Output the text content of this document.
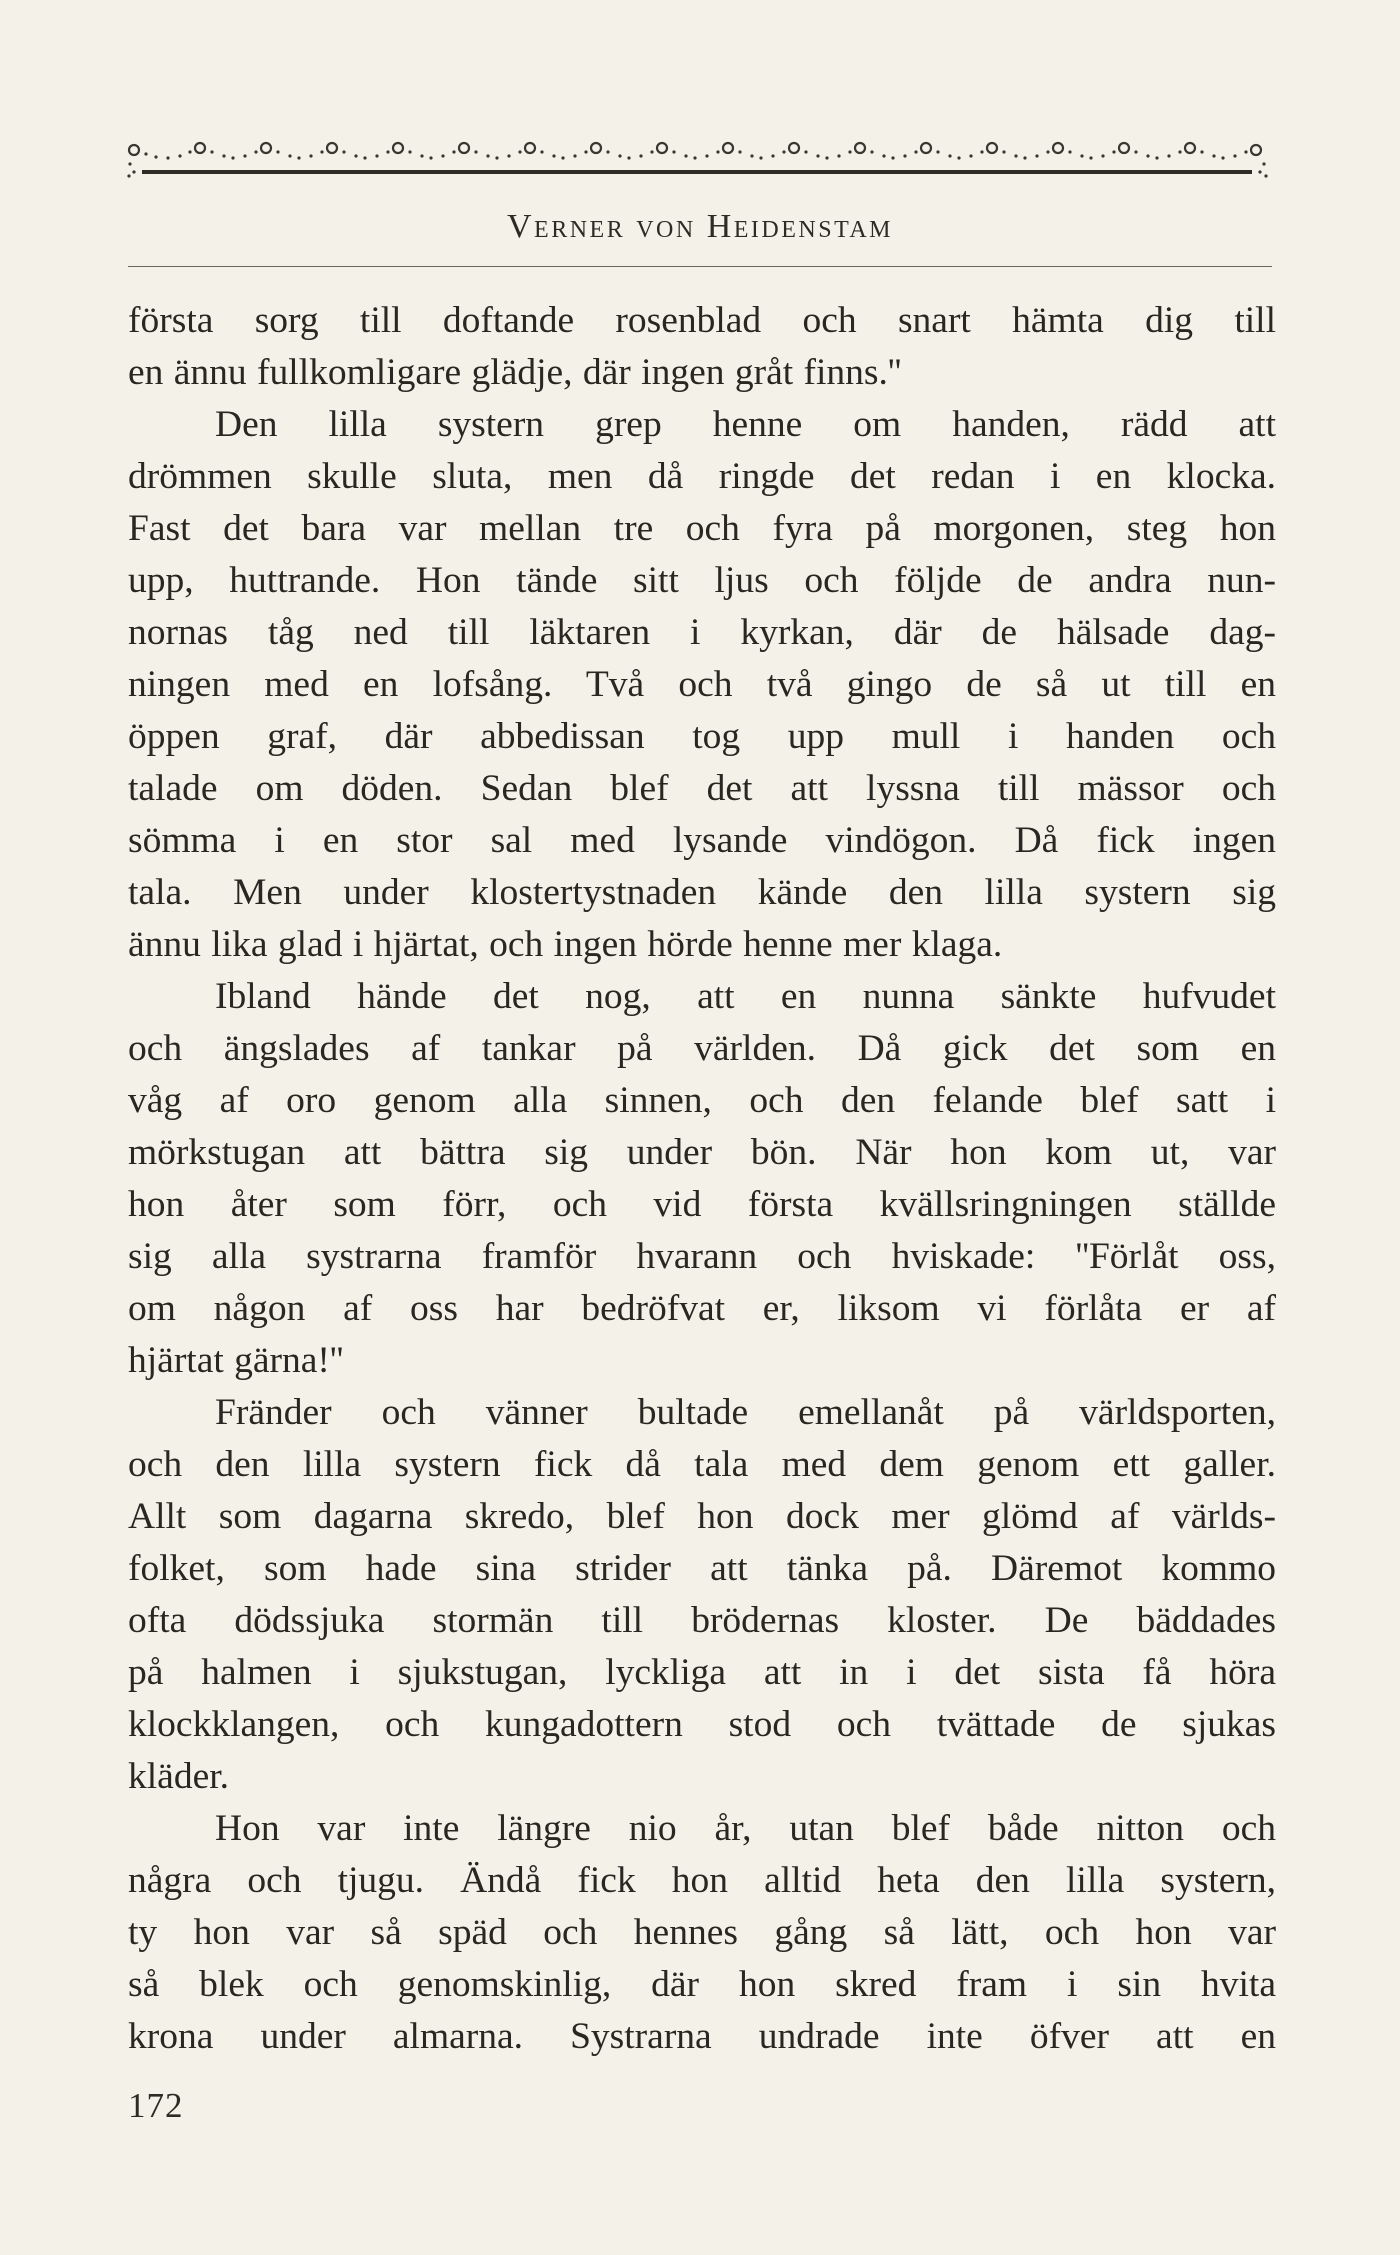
Verner von Heidenstam
första sorg till doftande rosenblad och snart hämta dig till
en ännu fullkomligare glädje, där ingen gråt finns.''
Den lilla systern grep henne om handen, rädd att
drömmen skulle sluta, men då ringde det redan i en klocka.
Fast det bara var mellan tre och fyra på morgonen, steg hon
upp, huttrande. Hon tände sitt ljus och följde de andra nun-
nornas tåg ned till läktaren i kyrkan, där de hälsade dag-
ningen med en lofsång. Två och två gingo de så ut till en
öppen graf, där abbedissan tog upp mull i handen och
talade om döden. Sedan blef det att lyssna till mässor och
sömma i en stor sal med lysande vindögon. Då fick ingen
tala. Men under klostertystnaden kände den lilla systern sig
ännu lika glad i hjärtat, och ingen hörde henne mer klaga.
Ibland hände det nog, att en nunna sänkte hufvudet
och ängslades af tankar på världen. Då gick det som en
våg af oro genom alla sinnen, och den felande blef satt i
mörkstugan att bättra sig under bön. När hon kom ut, var
hon åter som förr, och vid första kvällsringningen ställde
sig alla systrarna framför hvarann och hviskade: ''Förlåt oss,
om någon af oss har bedröfvat er, liksom vi förlåta er af
hjärtat gärna!''
Fränder och vänner bultade emellanåt på världsporten,
och den lilla systern fick då tala med dem genom ett galler.
Allt som dagarna skredo, blef hon dock mer glömd af världs-
folket, som hade sina strider att tänka på. Däremot kommo
ofta dödssjuka stormän till brödernas kloster. De bäddades
på halmen i sjukstugan, lyckliga att in i det sista få höra
klockklangen, och kungadottern stod och tvättade de sjukas
kläder.
Hon var inte längre nio år, utan blef både nitton och
några och tjugu. Ändå fick hon alltid heta den lilla systern,
ty hon var så späd och hennes gång så lätt, och hon var
så blek och genomskinlig, där hon skred fram i sin hvita
krona under almarna. Systrarna undrade inte öfver att en
172
